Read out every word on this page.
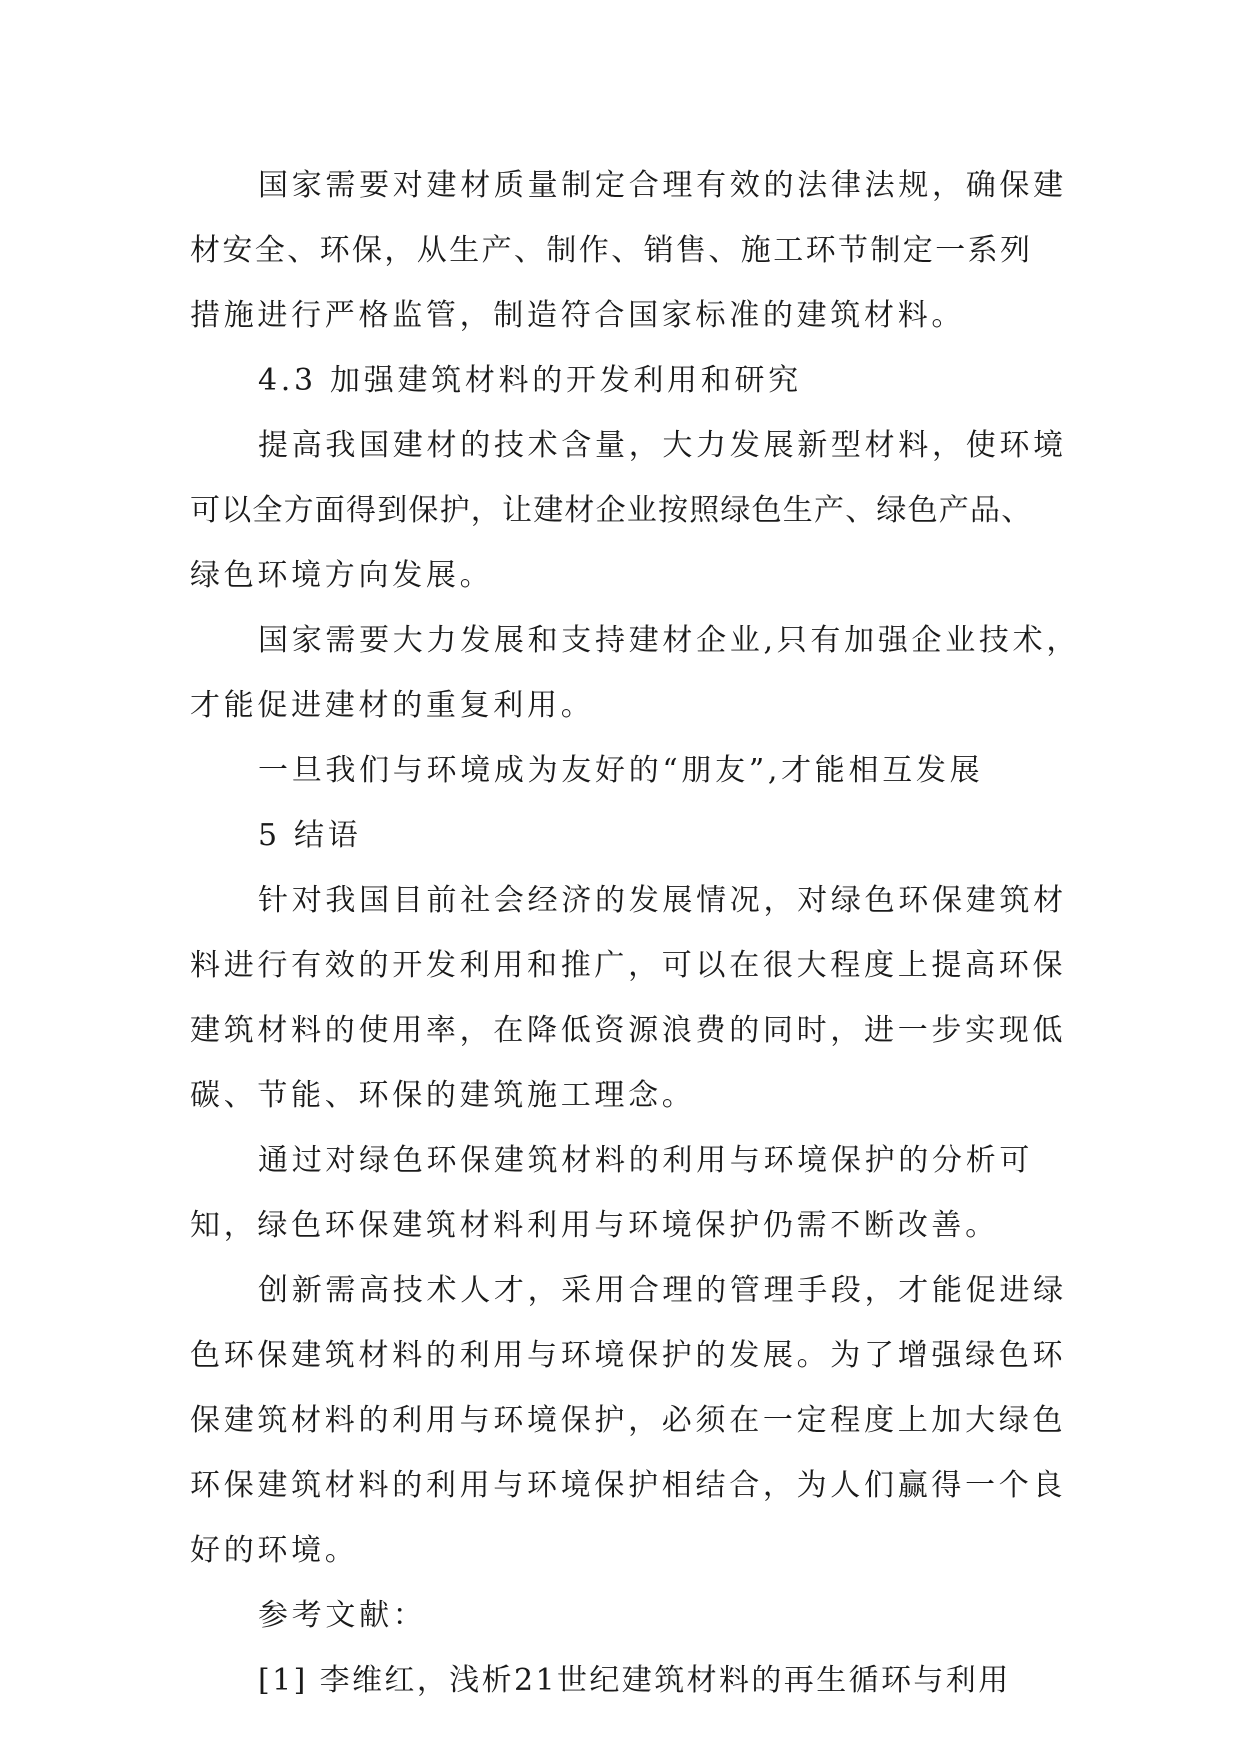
国家需要对建材质量制定合理有效的法律法规，确保建
材安全、环保，从生产、制作、销售、施工环节制定一系列
措施进行严格监管，制造符合国家标准的建筑材料。
4.3 加强建筑材料的开发利用和研究
提高我国建材的技术含量，大力发展新型材料，使环境
可以全方面得到保护，让建材企业按照绿色生产、绿色产品、
绿色环境方向发展。
国家需要大力发展和支持建材企业,只有加强企业技术，
才能促进建材的重复利用。
一旦我们与环境成为友好的“朋友”,才能相互发展
5 结语
针对我国目前社会经济的发展情况，对绿色环保建筑材
料进行有效的开发利用和推广，可以在很大程度上提高环保
建筑材料的使用率，在降低资源浪费的同时，进一步实现低
碳、节能、环保的建筑施工理念。
通过对绿色环保建筑材料的利用与环境保护的分析可
知，绿色环保建筑材料利用与环境保护仍需不断改善。
创新需高技术人才，采用合理的管理手段，才能促进绿
色环保建筑材料的利用与环境保护的发展。为了增强绿色环
保建筑材料的利用与环境保护，必须在一定程度上加大绿色
环保建筑材料的利用与环境保护相结合，为人们赢得一个良
好的环境。
参考文献：
[1] 李维红，浅析21世纪建筑材料的再生循环与利用
